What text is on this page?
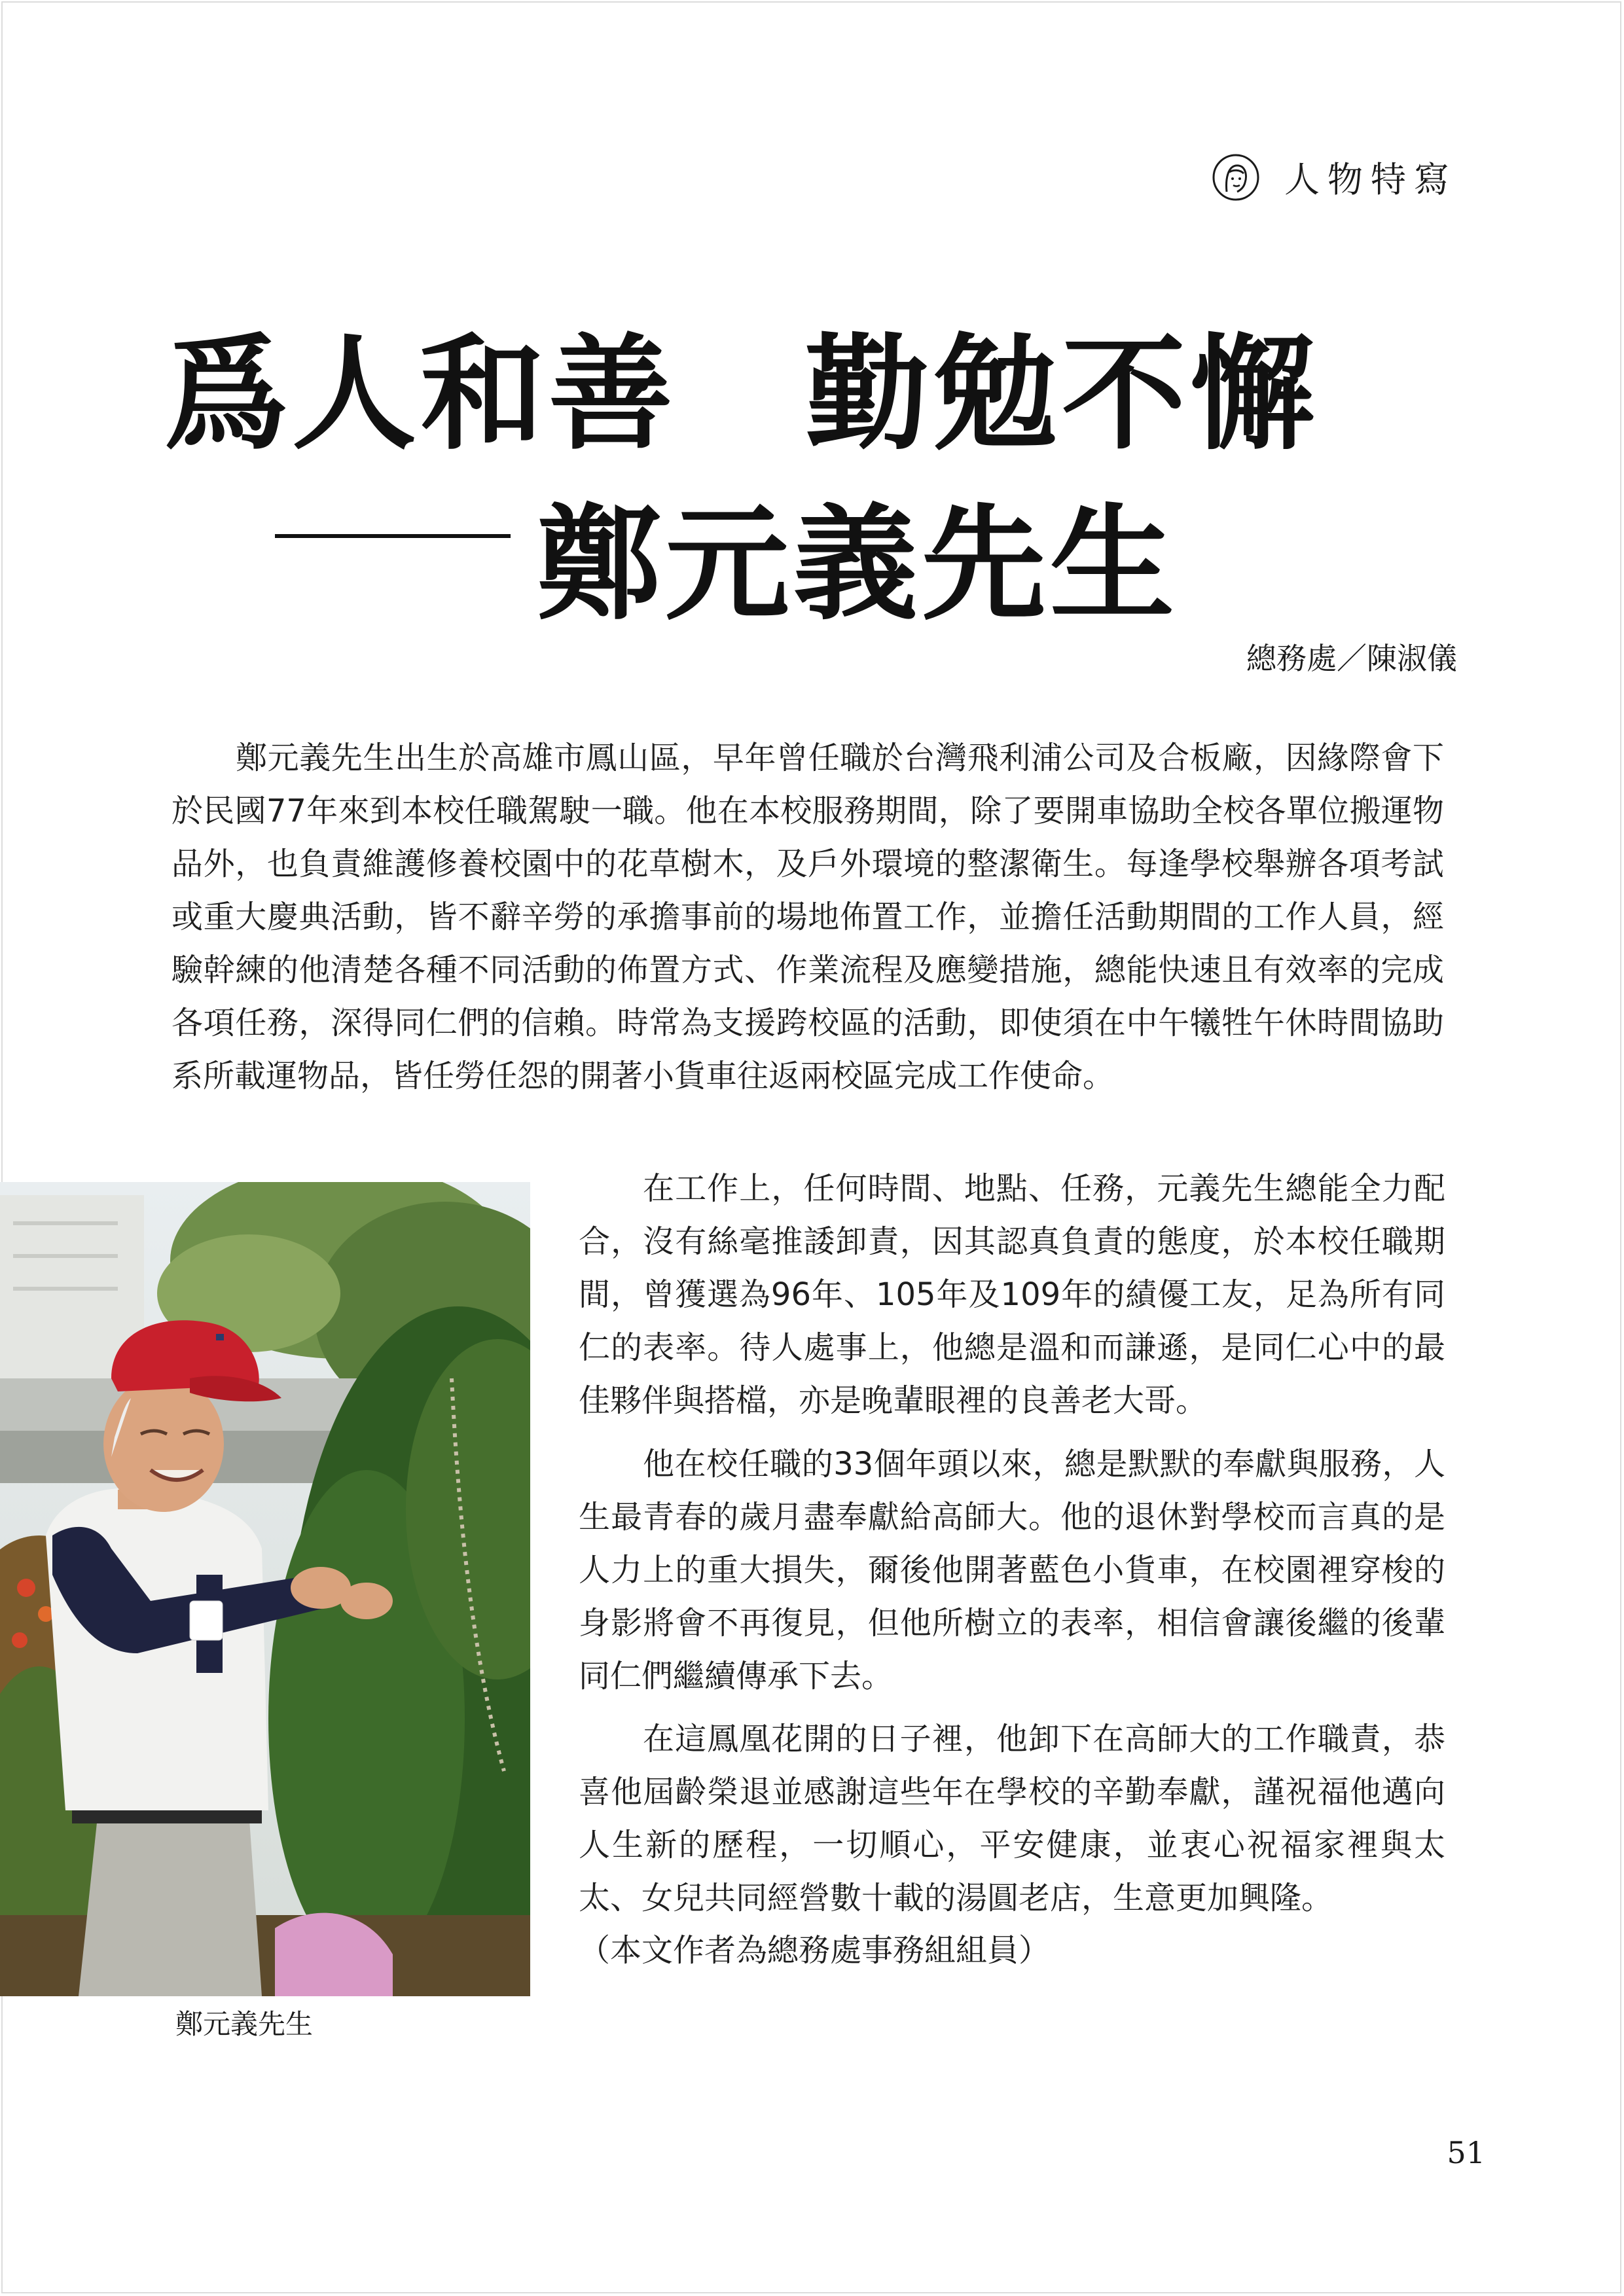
人物特寫
爲人和善　勤勉不懈
鄭元義先生
總務處／陳淑儀

鄭元義先生出生於高雄市鳳山區，早年曾任職於台灣飛利浦公司及合板廠，因緣際會下於民國77年來到本校任職駕駛一職。他在本校服務期間，除了要開車協助全校各單位搬運物品外，也負責維護修養校園中的花草樹木，及戶外環境的整潔衛生。每逢學校舉辦各項考試或重大慶典活動，皆不辭辛勞的承擔事前的場地佈置工作，並擔任活動期間的工作人員，經驗幹練的他清楚各種不同活動的佈置方式、作業流程及應變措施，總能快速且有效率的完成各項任務，深得同仁們的信賴。時常為支援跨校區的活動，即使須在中午犧牲午休時間協助系所載運物品，皆任勞任怨的開著小貨車往返兩校區完成工作使命。

在工作上，任何時間、地點、任務，元義先生總能全力配合，沒有絲毫推諉卸責，因其認真負責的態度，於本校任職期間，曾獲選為96年、105年及109年的績優工友，足為所有同仁的表率。待人處事上，他總是溫和而謙遜，是同仁心中的最佳夥伴與搭檔，亦是晚輩眼裡的良善老大哥。

他在校任職的33個年頭以來，總是默默的奉獻與服務，人生最青春的歲月盡奉獻給高師大。他的退休對學校而言真的是人力上的重大損失，爾後他開著藍色小貨車，在校園裡穿梭的身影將會不再復見，但他所樹立的表率，相信會讓後繼的後輩同仁們繼續傳承下去。

在這鳳凰花開的日子裡，他卸下在高師大的工作職責，恭喜他屆齡榮退並感謝這些年在學校的辛勤奉獻，謹祝福他邁向人生新的歷程，一切順心，平安健康，並衷心祝福家裡與太太、女兒共同經營數十載的湯圓老店，生意更加興隆。

（本文作者為總務處事務組組員）
鄭元義先生
51
